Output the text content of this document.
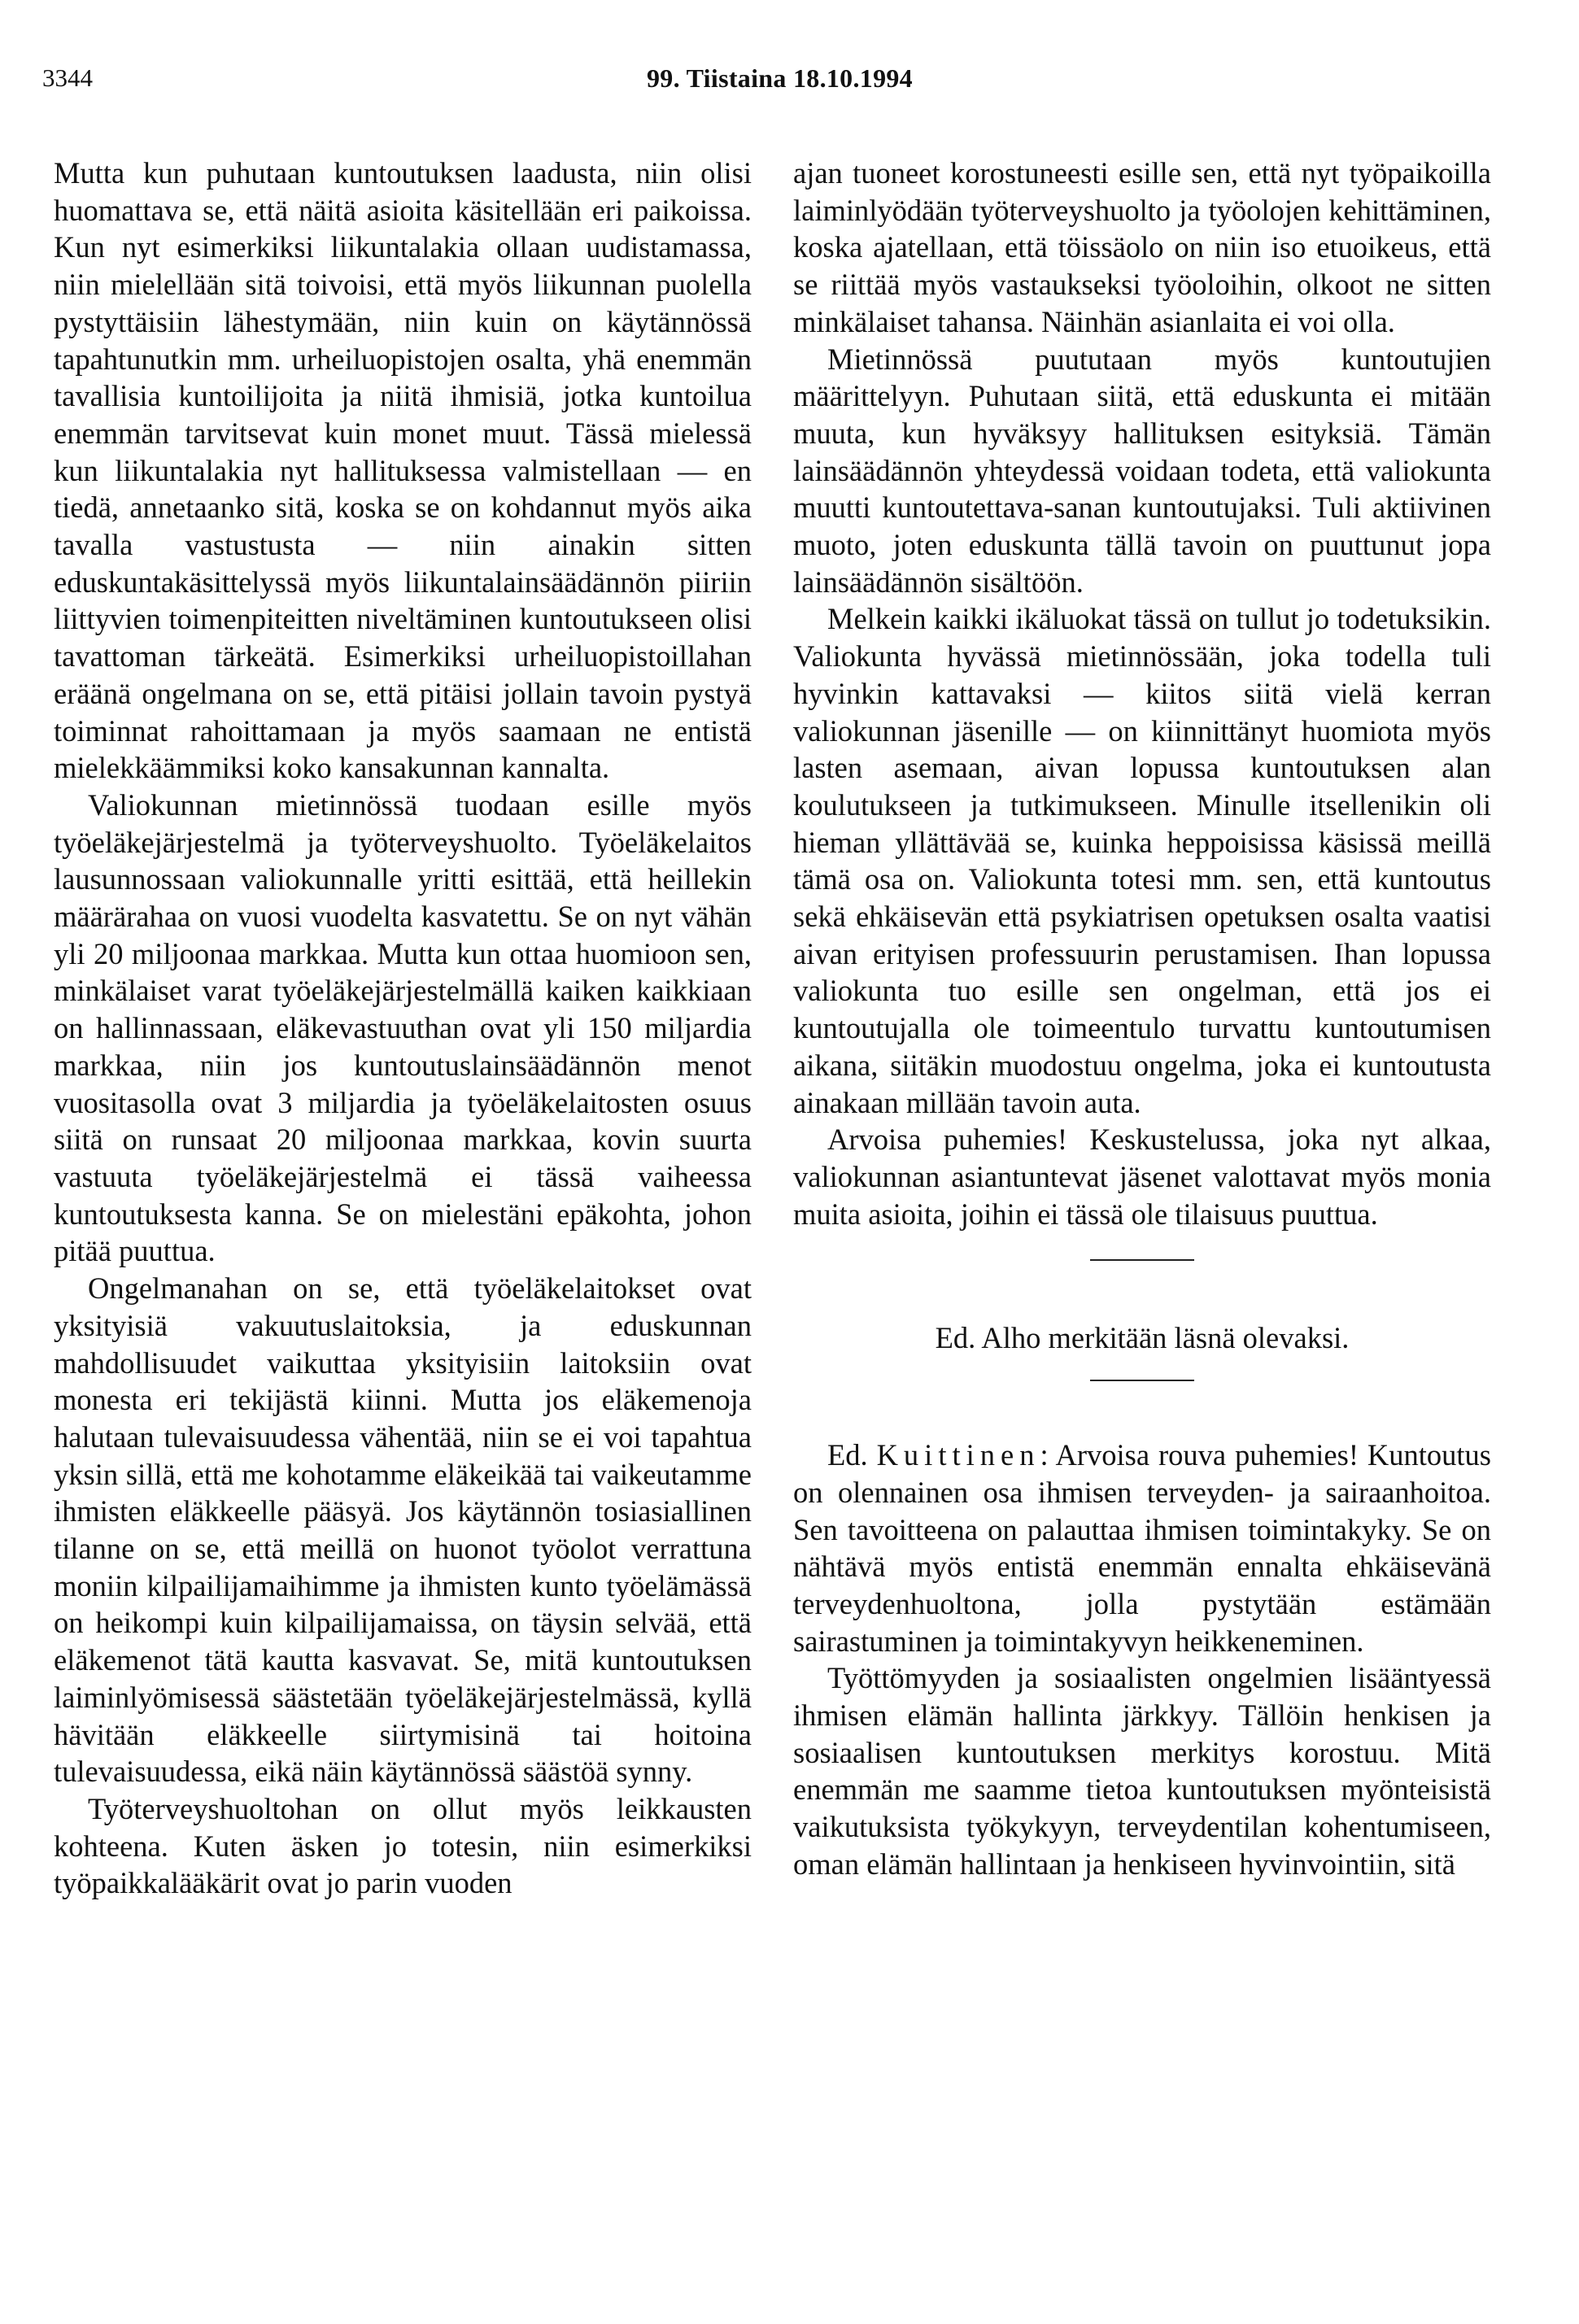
3344	99. Tiistaina 18.10.1994

Mutta kun puhutaan kuntoutuksen laadusta, niin olisi huomattava se, että näitä asioita käsitellään eri paikoissa. Kun nyt esimerkiksi liikuntalakia ollaan uudistamassa, niin mielellään sitä toivoisi, että myös liikunnan puolella pystyttäisiin lähestymään, niin kuin on käytännössä tapahtunutkin mm. urheiluopistojen osalta, yhä enemmän tavallisia kuntoilijoita ja niitä ihmisiä, jotka kuntoilua enemmän tarvitsevat kuin monet muut. Tässä mielessä kun liikuntalakia nyt hallituksessa valmistellaan — en tiedä, annetaanko sitä, koska se on kohdannut myös aika tavalla vastustusta — niin ainakin sitten eduskuntakäsittelyssä myös liikuntalainsäädännön piiriin liittyvien toimenpiteitten niveltäminen kuntoutukseen olisi tavattoman tärkeätä. Esimerkiksi urheiluopistoillahan eräänä ongelmana on se, että pitäisi jollain tavoin pystyä toiminnat rahoittamaan ja myös saamaan ne entistä mielekkäämmiksi koko kansakunnan kannalta.

Valiokunnan mietinnössä tuodaan esille myös työeläkejärjestelmä ja työterveyshuolto. Työeläkelaitos lausunnossaan valiokunnalle yritti esittää, että heillekin määrärahaa on vuosi vuodelta kasvatettu. Se on nyt vähän yli 20 miljoonaa markkaa. Mutta kun ottaa huomioon sen, minkälaiset varat työeläkejärjestelmällä kaiken kaikkiaan on hallinnassaan, eläkevastuuthan ovat yli 150 miljardia markkaa, niin jos kuntoutuslainsäädännön menot vuositasolla ovat 3 miljardia ja työeläkelaitosten osuus siitä on runsaat 20 miljoonaa markkaa, kovin suurta vastuuta työeläkejärjestelmä ei tässä vaiheessa kuntoutuksesta kanna. Se on mielestäni epäkohta, johon pitää puuttua.

Ongelmanahan on se, että työeläkelaitokset ovat yksityisiä vakuutuslaitoksia, ja eduskunnan mahdollisuudet vaikuttaa yksityisiin laitoksiin ovat monesta eri tekijästä kiinni. Mutta jos eläkemenoja halutaan tulevaisuudessa vähentää, niin se ei voi tapahtua yksin sillä, että me kohotamme eläkeikää tai vaikeutamme ihmisten eläkkeelle pääsyä. Jos käytännön tosiasiallinen tilanne on se, että meillä on huonot työolot verrattuna moniin kilpailijamaihimme ja ihmisten kunto työelämässä on heikompi kuin kilpailijamaissa, on täysin selvää, että eläkemenot tätä kautta kasvavat. Se, mitä kuntoutuksen laiminlyömisessä säästetään työeläkejärjestelmässä, kyllä hävitään eläkkeelle siirtymisinä tai hoitoina tulevaisuudessa, eikä näin käytännössä säästöä synny.

Työterveyshuoltohan on ollut myös leikkausten kohteena. Kuten äsken jo totesin, niin esimerkiksi työpaikkalääkärit ovat jo parin vuoden

ajan tuoneet korostuneesti esille sen, että nyt työpaikoilla laiminlyödään työterveyshuolto ja työolojen kehittäminen, koska ajatellaan, että töissäolo on niin iso etuoikeus, että se riittää myös vastaukseksi työoloihin, olkoot ne sitten minkälaiset tahansa. Näinhän asianlaita ei voi olla.

Mietinnössä puututaan myös kuntoutujien määrittelyyn. Puhutaan siitä, että eduskunta ei mitään muuta, kun hyväksyy hallituksen esityksiä. Tämän lainsäädännön yhteydessä voidaan todeta, että valiokunta muutti kuntoutettava-sanan kuntoutujaksi. Tuli aktiivinen muoto, joten eduskunta tällä tavoin on puuttunut jopa lainsäädännön sisältöön.

Melkein kaikki ikäluokat tässä on tullut jo todetuksikin. Valiokunta hyvässä mietinnössään, joka todella tuli hyvinkin kattavaksi — kiitos siitä vielä kerran valiokunnan jäsenille — on kiinnittänyt huomiota myös lasten asemaan, aivan lopussa kuntoutuksen alan koulutukseen ja tutkimukseen. Minulle itsellenikin oli hieman yllättävää se, kuinka heppoisissa käsissä meillä tämä osa on. Valiokunta totesi mm. sen, että kuntoutus sekä ehkäisevän että psykiatrisen opetuksen osalta vaatisi aivan erityisen professuurin perustamisen. Ihan lopussa valiokunta tuo esille sen ongelman, että jos ei kuntoutujalla ole toimeentulo turvattu kuntoutumisen aikana, siitäkin muodostuu ongelma, joka ei kuntoutusta ainakaan millään tavoin auta.

Arvoisa puhemies! Keskustelussa, joka nyt alkaa, valiokunnan asiantuntevat jäsenet valottavat myös monia muita asioita, joihin ei tässä ole tilaisuus puuttua.

Ed. Alho merkitään läsnä olevaksi.

Ed. Kuittinen: Arvoisa rouva puhemies! Kuntoutus on olennainen osa ihmisen terveyden- ja sairaanhoitoa. Sen tavoitteena on palauttaa ihmisen toimintakyky. Se on nähtävä myös entistä enemmän ennalta ehkäisevänä terveydenhuoltona, jolla pystytään estämään sairastuminen ja toimintakyvyn heikkeneminen.

Työttömyyden ja sosiaalisten ongelmien lisääntyessä ihmisen elämän hallinta järkkyy. Tällöin henkisen ja sosiaalisen kuntoutuksen merkitys korostuu. Mitä enemmän me saamme tietoa kuntoutuksen myönteisistä vaikutuksista työkykyyn, terveydentilan kohentumiseen, oman elämän hallintaan ja henkiseen hyvinvointiin, sitä
